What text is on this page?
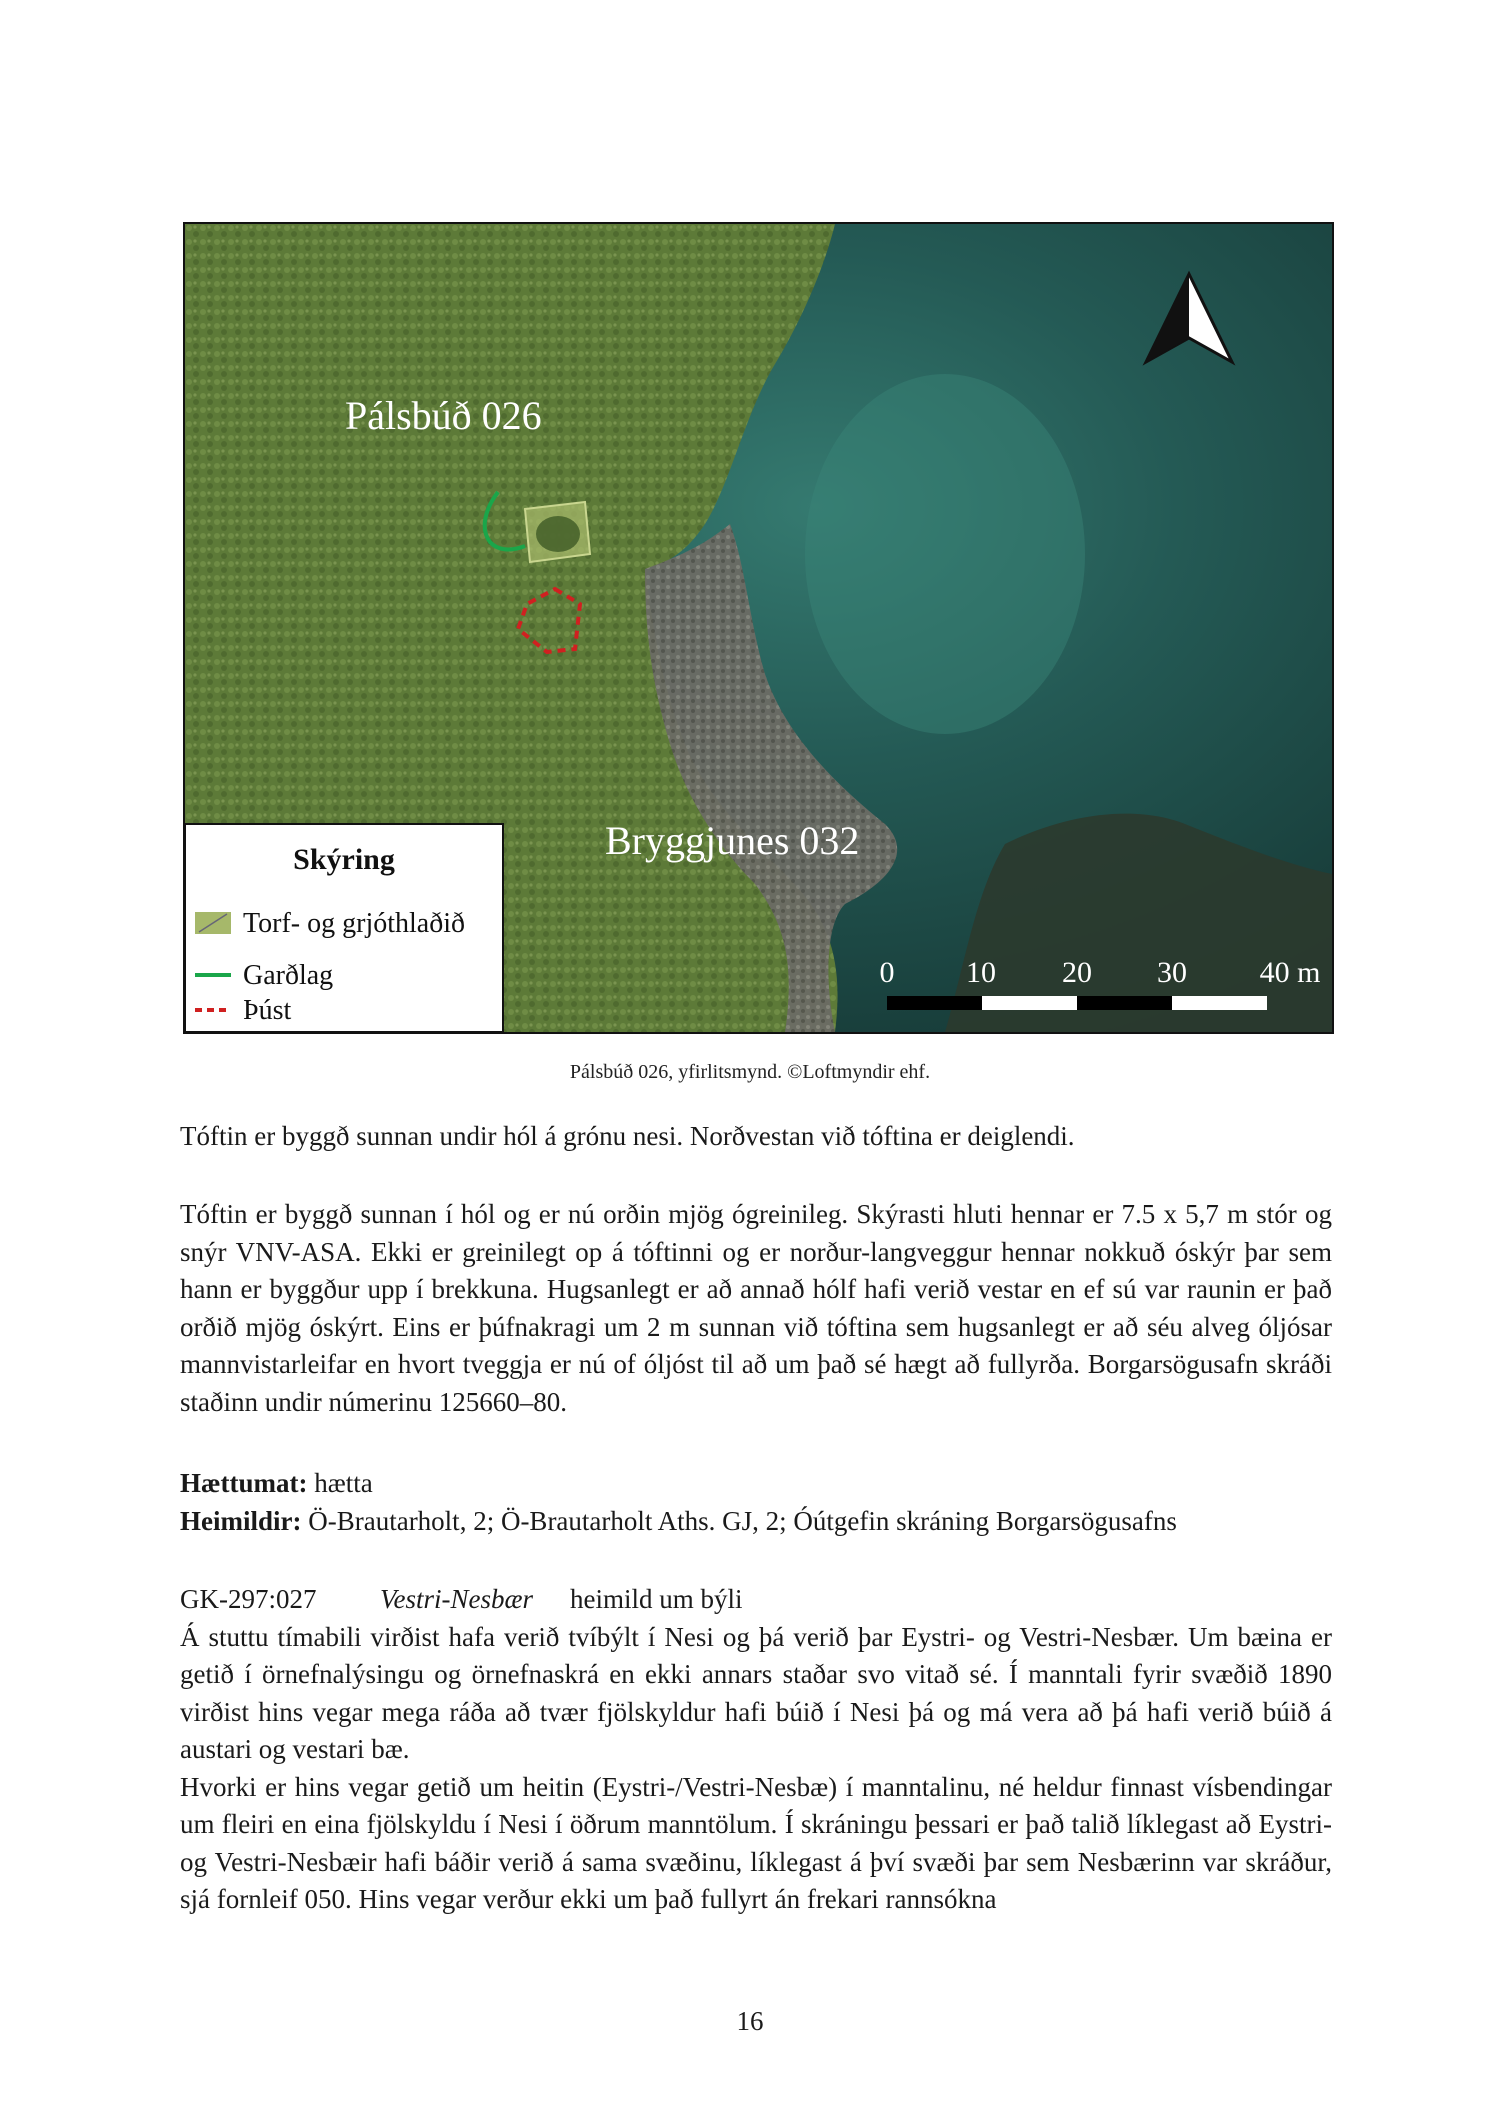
Pálsbúð 026
Bryggjunes 032
0 10 20 30 40 m
Skýring
Torf- og grjóthlaðið
Garðlag
Þúst
Pálsbúð 026, yfirlitsmynd. ©Loftmyndir ehf.

Tóftin er byggð sunnan undir hól á grónu nesi. Norðvestan við tóftina er deiglendi.

Tóftin er byggð sunnan í hól og er nú orðin mjög ógreinileg. Skýrasti hluti hennar er 7.5 x 5,7 m stór og snýr VNV-ASA. Ekki er greinilegt op á tóftinni og er norður-langveggur hennar nokkuð óskýr þar sem hann er byggður upp í brekkuna. Hugsanlegt er að annað hólf hafi verið vestar en ef sú var raunin er það orðið mjög óskýrt. Eins er þúfnakragi um 2 m sunnan við tóftina sem hugsanlegt er að séu alveg óljósar mannvistarleifar en hvort tveggja er nú of óljóst til að um það sé hægt að fullyrða. Borgarsögusafn skráði staðinn undir númerinu 125660–80.

Hættumat: hætta

Heimildir: Ö-Brautarholt, 2; Ö-Brautarholt Aths. GJ, 2; Óútgefin skráning Borgarsögusafns

GK-297:027 Vestri-Nesbær heimild um býli

Á stuttu tímabili virðist hafa verið tvíbýlt í Nesi og þá verið þar Eystri- og Vestri-Nesbær. Um bæina er getið í örnefnalýsingu og örnefnaskrá en ekki annars staðar svo vitað sé. Í manntali fyrir svæðið 1890 virðist hins vegar mega ráða að tvær fjölskyldur hafi búið í Nesi þá og má vera að þá hafi verið búið á austari og vestari bæ.

Hvorki er hins vegar getið um heitin (Eystri-/Vestri-Nesbæ) í manntalinu, né heldur finnast vísbendingar um fleiri en eina fjölskyldu í Nesi í öðrum manntölum. Í skráningu þessari er það talið líklegast að Eystri- og Vestri-Nesbæir hafi báðir verið á sama svæðinu, líklegast á því svæði þar sem Nesbærinn var skráður, sjá fornleif 050. Hins vegar verður ekki um það fullyrt án frekari rannsókna

16
